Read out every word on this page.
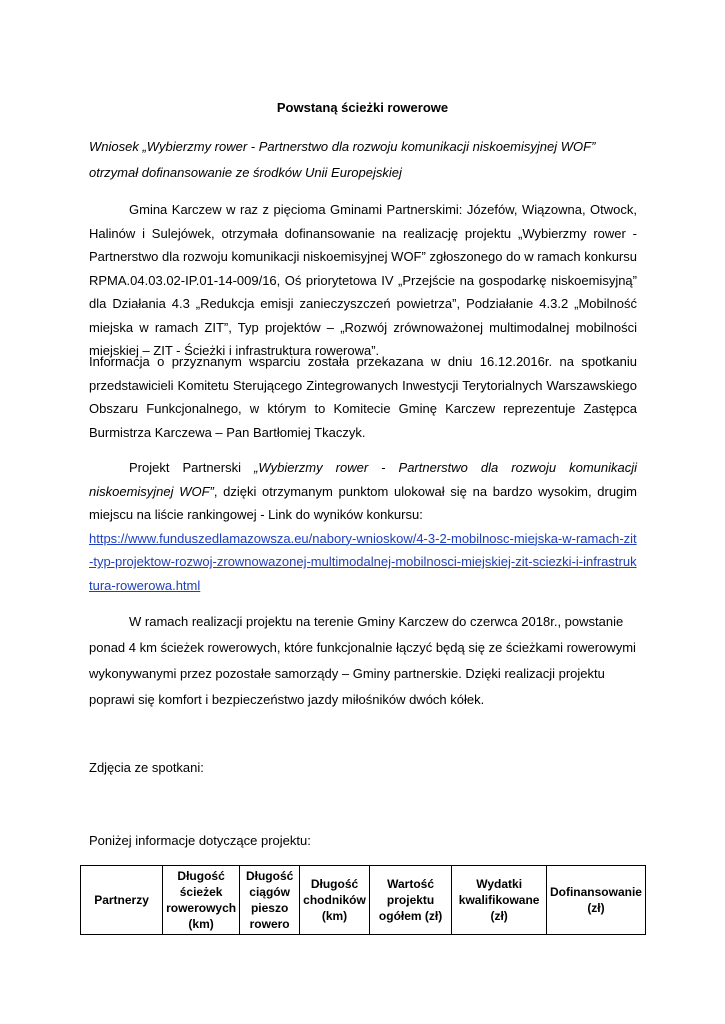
Powstaną ścieżki rowerowe
Wniosek „Wybierzmy rower - Partnerstwo dla rozwoju komunikacji niskoemisyjnej WOF” otrzymał dofinansowanie ze środków Unii Europejskiej
Gmina Karczew w raz z pięcioma Gminami Partnerskimi: Józefów, Wiązowna, Otwock, Halinów i Sulejówek, otrzymała dofinansowanie na realizację projektu „Wybierzmy rower - Partnerstwo dla rozwoju komunikacji niskoemisyjnej WOF” zgłoszonego do w ramach konkursu RPMA.04.03.02-IP.01-14-009/16, Oś priorytetowa IV „Przejście na gospodarkę niskoemisyjną” dla Działania 4.3 „Redukcja emisji zanieczyszczeń powietrza”, Podziałanie 4.3.2 „Mobilność miejska w ramach ZIT”, Typ projektów – „Rozwój zrównoważonej multimodalnej mobilności miejskiej – ZIT - Ścieżki i infrastruktura rowerowa”.
Informacja o przyznanym wsparciu została przekazana w dniu 16.12.2016r. na spotkaniu przedstawicieli Komitetu Sterującego Zintegrowanych Inwestycji Terytorialnych Warszawskiego Obszaru Funkcjonalnego, w którym to Komitecie Gminę Karczew reprezentuje Zastępca Burmistrza Karczewa – Pan Bartłomiej Tkaczyk.
Projekt Partnerski „Wybierzmy rower - Partnerstwo dla rozwoju komunikacji niskoemisyjnej WOF”, dzięki otrzymanym punktom ulokował się na bardzo wysokim, drugim miejscu na liście rankingowej - Link do wyników konkursu:
https://www.funduszedlamazowsza.eu/nabory-wnioskow/4-3-2-mobilnosc-miejska-w-ramach-zit-typ-projektow-rozwoj-zrownowazonej-multimodalnej-mobilnosci-miejskiej-zit-sciezki-i-infrastruktura-rowerowa.html
W ramach realizacji projektu na terenie Gminy Karczew do czerwca 2018r., powstanie ponad 4 km ścieżek rowerowych, które funkcjonalnie łączyć będą się ze ścieżkami rowerowymi wykonywanymi przez pozostałe samorządy – Gminy partnerskie. Dzięki realizacji projektu poprawi się komfort i bezpieczeństwo jazdy miłośników dwóch kółek.
Zdjęcia ze spotkani:
Poniżej informacje dotyczące projektu:
Partnerzy	Długość ścieżek rowerowych (km)	Długość ciągów pieszo rowero	Długość chodników (km)	Wartość projektu ogółem (zł)	Wydatki kwalifikowane (zł)	Dofinansowanie (zł)
